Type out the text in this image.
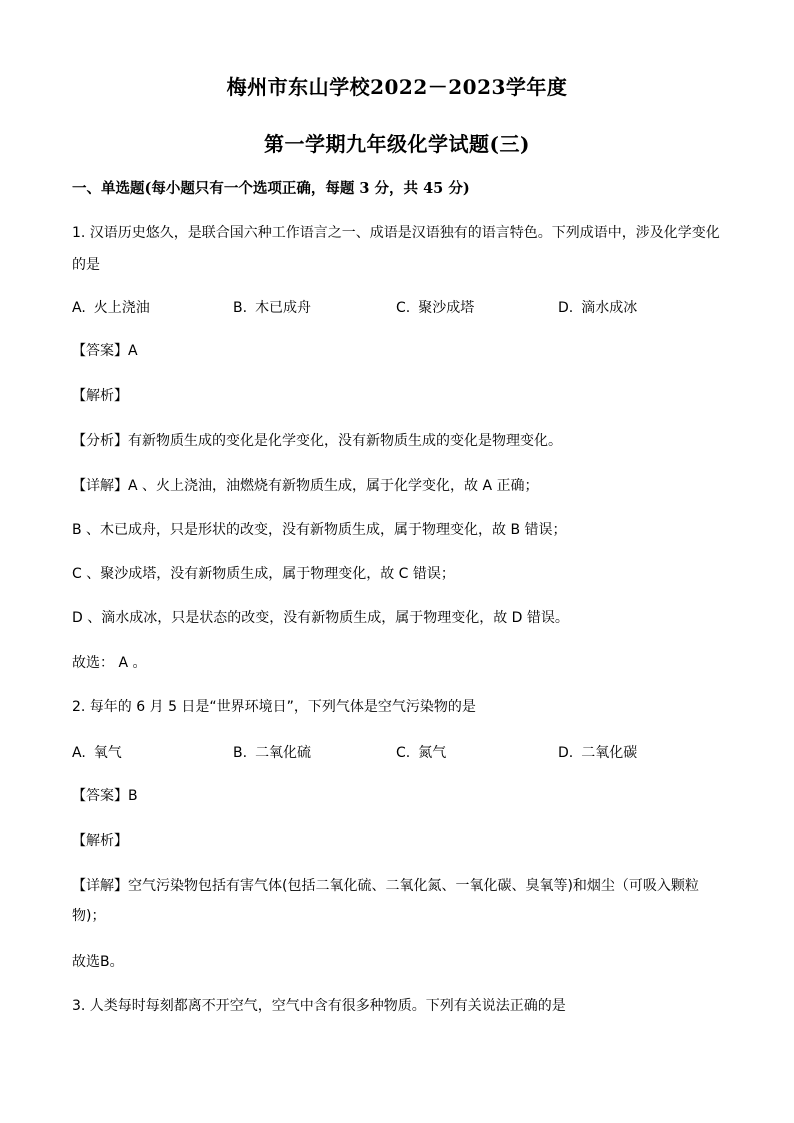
梅州市东山学校2022－2023学年度
第一学期九年级化学试题(三)
一、单选题(每小题只有一个选项正确，每题 3 分，共 45 分)
1. 汉语历史悠久，是联合国六种工作语言之一、成语是汉语独有的语言特色。下列成语中，涉及化学变化
的是
A. 火上浇油	B. 木已成舟	C. 聚沙成塔	D. 滴水成冰
【答案】A
【解析】
【分析】有新物质生成的变化是化学变化，没有新物质生成的变化是物理变化。
【详解】A 、火上浇油，油燃烧有新物质生成，属于化学变化，故 A 正确；
B 、木已成舟，只是形状的改变，没有新物质生成，属于物理变化，故 B 错误；
C 、聚沙成塔，没有新物质生成，属于物理变化，故 C 错误；
D 、滴水成冰，只是状态的改变，没有新物质生成，属于物理变化，故 D 错误。
故选： A 。
2. 每年的 6 月 5 日是“世界环境日”，下列气体是空气污染物的是
A. 氧气	B. 二氧化硫	C. 氮气	D. 二氧化碳
【答案】B
【解析】
【详解】空气污染物包括有害气体(包括二氧化硫、二氧化氮、一氧化碳、臭氧等)和烟尘（可吸入颗粒物)；
故选B。
3. 人类每时每刻都离不开空气，空气中含有很多种物质。下列有关说法正确的是
